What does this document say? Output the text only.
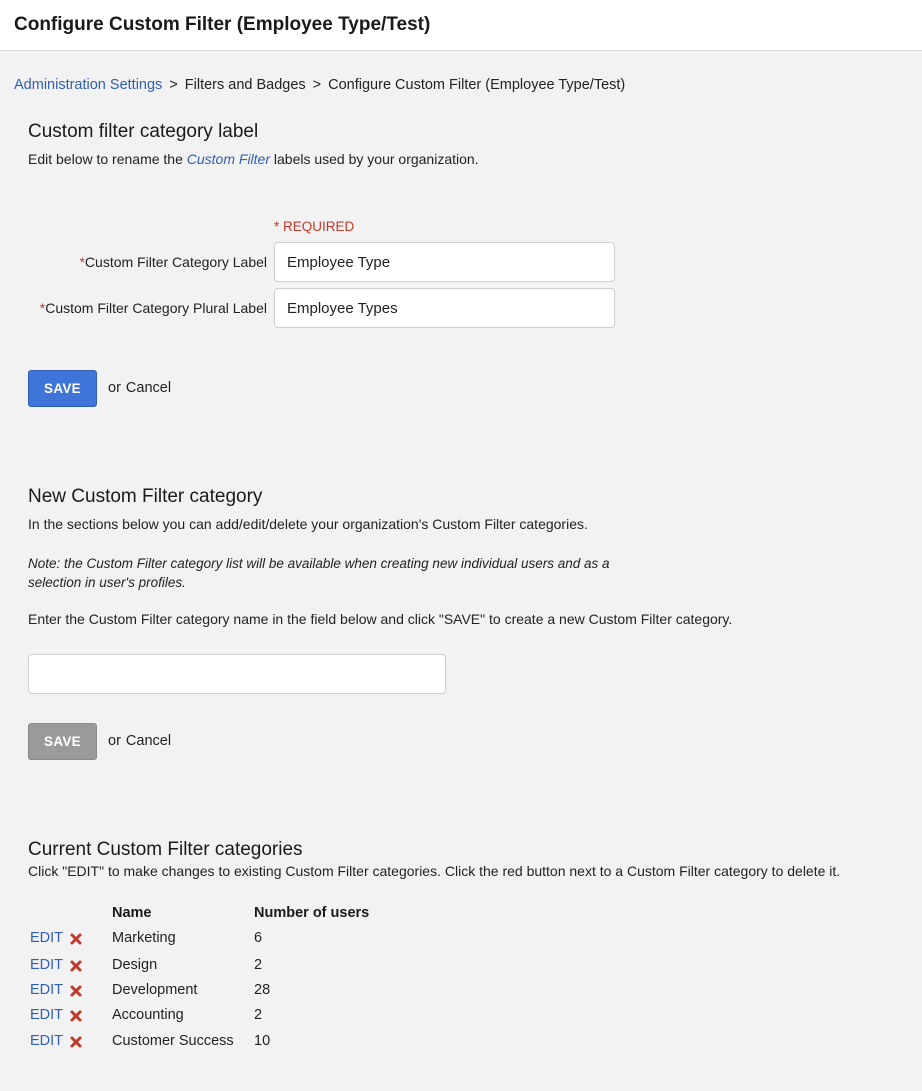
Configure Custom Filter (Employee Type/Test)
Administration Settings > Filters and Badges > Configure Custom Filter (Employee Type/Test)
Custom filter category label
Edit below to rename the Custom Filter labels used by your organization.
* REQUIRED
*Custom Filter Category Label
Employee Type
*Custom Filter Category Plural Label
Employee Types
SAVE	or Cancel
New Custom Filter category
In the sections below you can add/edit/delete your organization's Custom Filter categories.
Note: the Custom Filter category list will be available when creating new individual users and as a selection in user's profiles.
Enter the Custom Filter category name in the field below and click "SAVE" to create a new Custom Filter category.
SAVE	or Cancel
Current Custom Filter categories
Click "EDIT" to make changes to existing Custom Filter categories. Click the red button next to a Custom Filter category to delete it.
Name	Number of users
EDIT	Marketing	6
EDIT	Design	2
EDIT	Development	28
EDIT	Accounting	2
EDIT	Customer Success 10
